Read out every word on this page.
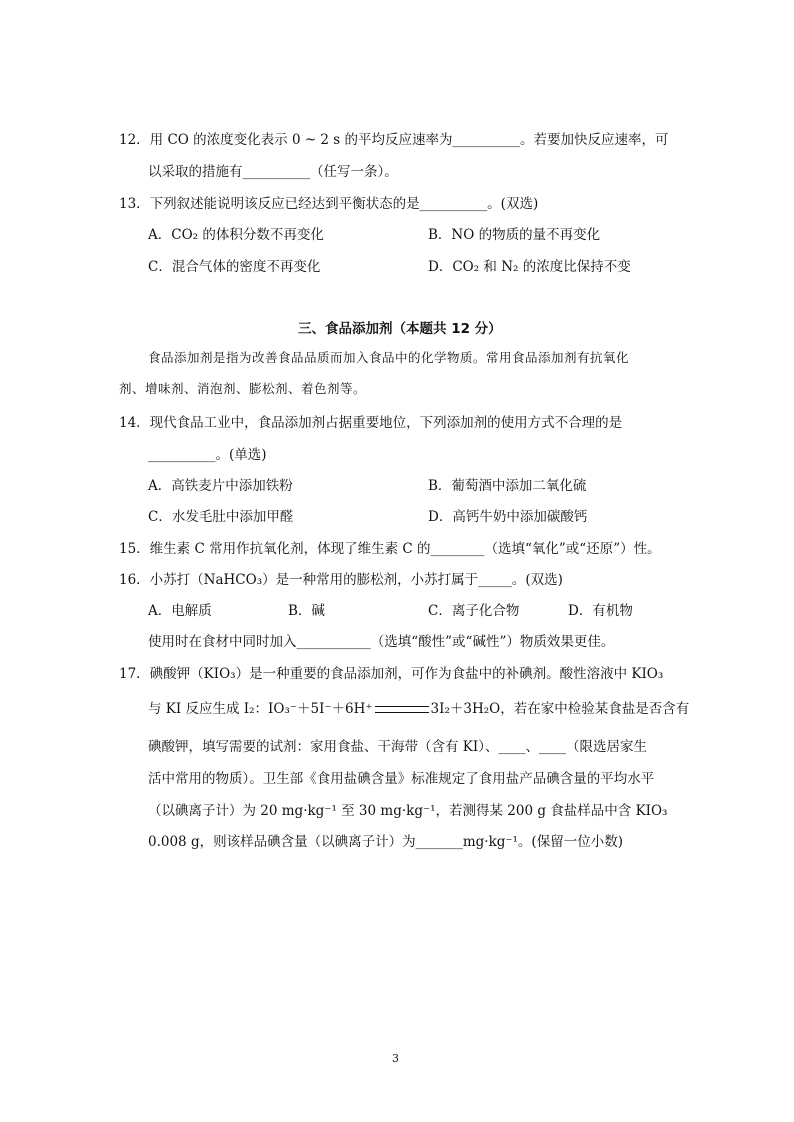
12．用 CO 的浓度变化表示 0 ~ 2 s 的平均反应速率为__________。若要加快反应速率，可
以采取的措施有__________（任写一条）。
13．下列叙述能说明该反应已经达到平衡状态的是__________。(双选)
A．CO₂ 的体积分数不再变化	B．NO 的物质的量不再变化
C．混合气体的密度不再变化	D．CO₂ 和 N₂ 的浓度比保持不变
三、食品添加剂（本题共 12 分）
食品添加剂是指为改善食品品质而加入食品中的化学物质。常用食品添加剂有抗氧化
剂、增味剂、消泡剂、膨松剂、着色剂等。
14．现代食品工业中，食品添加剂占据重要地位，下列添加剂的使用方式不合理的是
__________。(单选)
A．高铁麦片中添加铁粉	B．葡萄酒中添加二氧化硫
C．水发毛肚中添加甲醛	D．高钙牛奶中添加碳酸钙
15．维生素 C 常用作抗氧化剂，体现了维生素 C 的________（选填“氧化”或“还原”）性。
16．小苏打（NaHCO₃）是一种常用的膨松剂，小苏打属于_____。(双选)
A．电解质	B．碱	C．离子化合物	D．有机物
使用时在食材中同时加入___________（选填“酸性”或“碱性”）物质效果更佳。
17．碘酸钾（KIO₃）是一种重要的食品添加剂，可作为食盐中的补碘剂。酸性溶液中 KIO₃
与 KI 反应生成 I₂：IO₃⁻＋5I⁻＋6H⁺	3I₂＋3H₂O，若在家中检验某食盐是否含有
碘酸钾，填写需要的试剂：家用食盐、干海带（含有 KI）、____、____（限选居家生
活中常用的物质）。卫生部《食用盐碘含量》标准规定了食用盐产品碘含量的平均水平
（以碘离子计）为 20 mg·kg⁻¹ 至 30 mg·kg⁻¹，若测得某 200 g 食盐样品中含 KIO₃
0.008 g，则该样品碘含量（以碘离子计）为_______mg·kg⁻¹。(保留一位小数)
3
